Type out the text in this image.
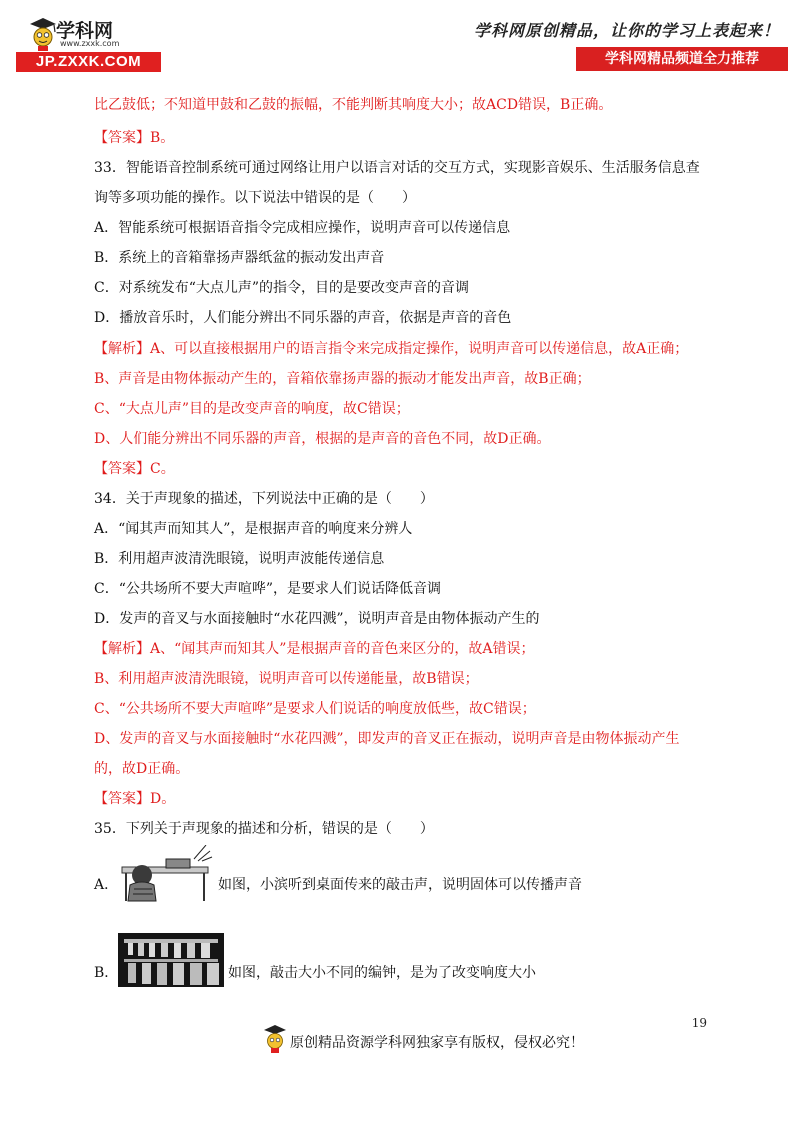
学科网
www.zxxk.com
JP.ZXXK.COM
学科网原创精品，让你的学习上表起来！
学科网精品频道全力推荐
比乙鼓低；不知道甲鼓和乙鼓的振幅，不能判断其响度大小；故ACD错误，B正确。
【答案】B。
33．智能语音控制系统可通过网络让用户以语言对话的交互方式，实现影音娱乐、生活服务信息查
询等多项功能的操作。以下说法中错误的是（　　）
A．智能系统可根据语音指令完成相应操作，说明声音可以传递信息
B．系统上的音箱靠扬声器纸盆的振动发出声音
C．对系统发布“大点儿声”的指令，目的是要改变声音的音调
D．播放音乐时，人们能分辨出不同乐器的声音，依据是声音的音色
【解析】A、可以直接根据用户的语言指令来完成指定操作，说明声音可以传递信息，故A正确；
B、声音是由物体振动产生的，音箱依靠扬声器的振动才能发出声音，故B正确；
C、“大点儿声”目的是改变声音的响度，故C错误；
D、人们能分辨出不同乐器的声音，根据的是声音的音色不同，故D正确。
【答案】C。
34．关于声现象的描述，下列说法中正确的是（　　）
A．“闻其声而知其人”，是根据声音的响度来分辨人
B．利用超声波清洗眼镜，说明声波能传递信息
C．“公共场所不要大声喧哗”，是要求人们说话降低音调
D．发声的音叉与水面接触时“水花四溅”，说明声音是由物体振动产生的
【解析】A、“闻其声而知其人”是根据声音的音色来区分的，故A错误；
B、利用超声波清洗眼镜，说明声音可以传递能量，故B错误；
C、“公共场所不要大声喧哗”是要求人们说话的响度放低些，故C错误；
D、发声的音叉与水面接触时“水花四溅”，即发声的音叉正在振动，说明声音是由物体振动产生
的，故D正确。
【答案】D。
35．下列关于声现象的描述和分析，错误的是（　　）
A．	如图，小滨听到桌面传来的敲击声，说明固体可以传播声音
B．	如图，敲击大小不同的编钟，是为了改变响度大小
19
原创精品资源学科网独家享有版权，侵权必究！
